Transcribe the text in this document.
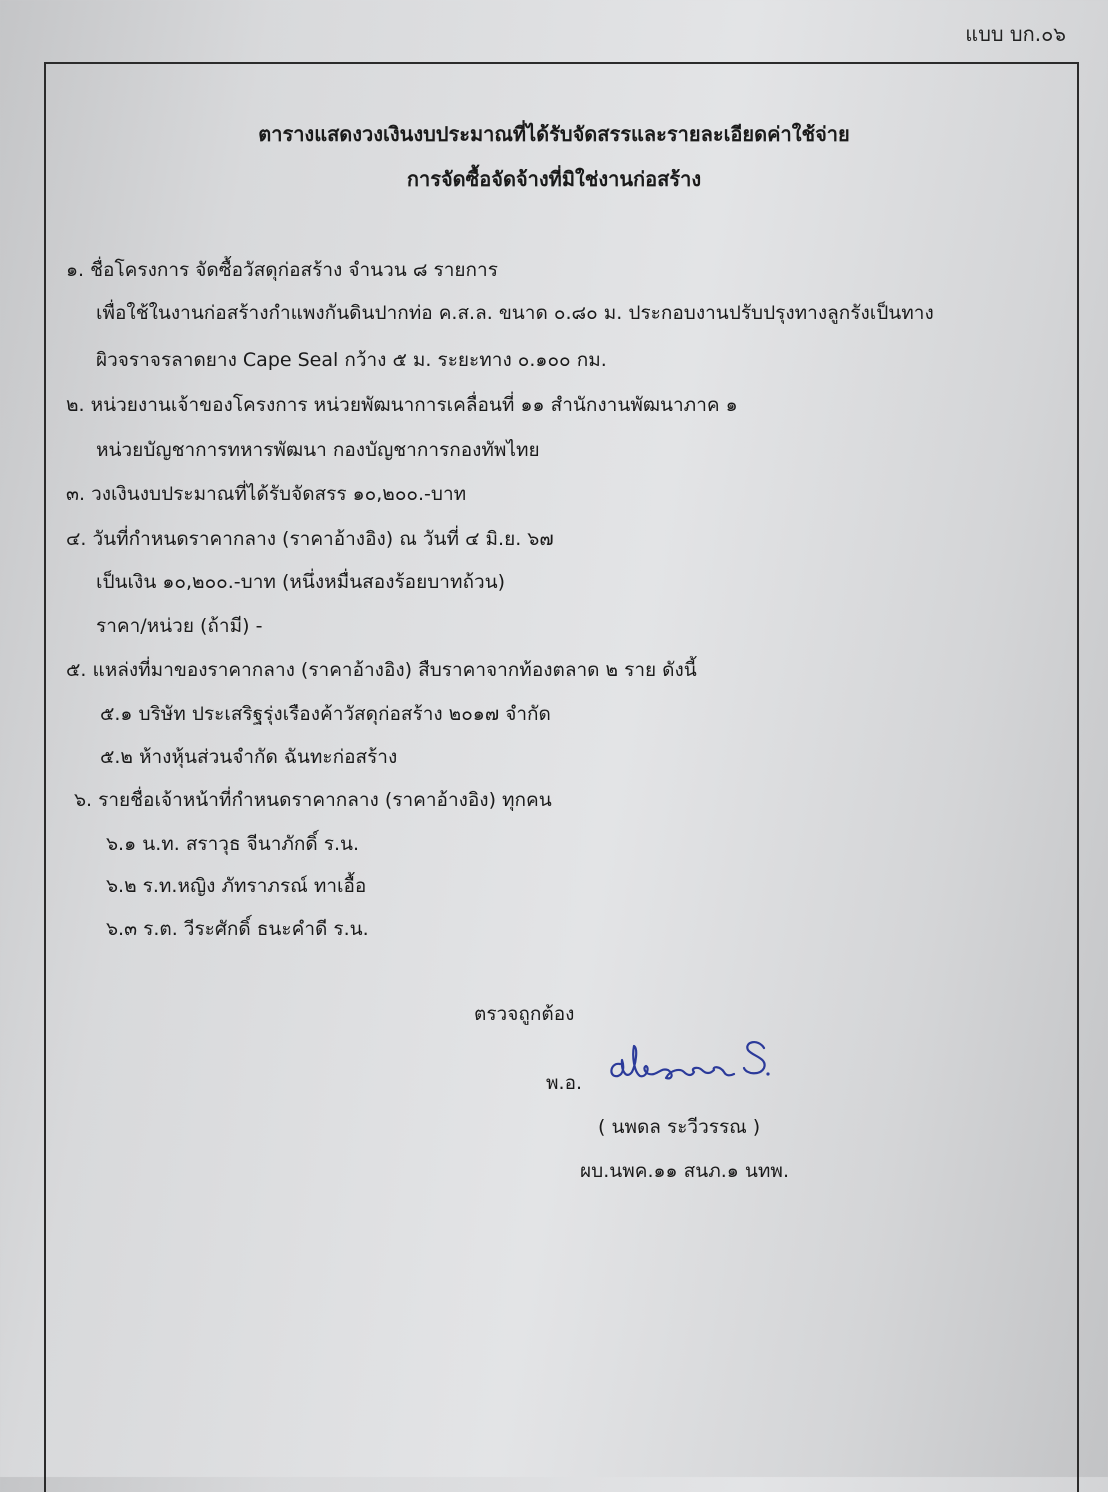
แบบ บก.๐๖
ตารางแสดงวงเงินงบประมาณที่ได้รับจัดสรรและรายละเอียดค่าใช้จ่าย
การจัดซื้อจัดจ้างที่มิใช่งานก่อสร้าง
๑. ชื่อโครงการ จัดซื้อวัสดุก่อสร้าง จำนวน ๘ รายการ
เพื่อใช้ในงานก่อสร้างกำแพงกันดินปากท่อ ค.ส.ล. ขนาด ๐.๘๐ ม. ประกอบงานปรับปรุงทางลูกรังเป็นทาง
ผิวจราจรลาดยาง Cape Seal กว้าง ๕ ม. ระยะทาง ๐.๑๐๐ กม.
๒. หน่วยงานเจ้าของโครงการ หน่วยพัฒนาการเคลื่อนที่ ๑๑ สำนักงานพัฒนาภาค ๑
หน่วยบัญชาการทหารพัฒนา กองบัญชาการกองทัพไทย
๓. วงเงินงบประมาณที่ได้รับจัดสรร ๑๐,๒๐๐.-บาท
๔. วันที่กำหนดราคากลาง (ราคาอ้างอิง) ณ วันที่ ๔ มิ.ย. ๖๗
เป็นเงิน ๑๐,๒๐๐.-บาท (หนึ่งหมื่นสองร้อยบาทถ้วน)
ราคา/หน่วย (ถ้ามี) -
๕. แหล่งที่มาของราคากลาง (ราคาอ้างอิง) สืบราคาจากท้องตลาด ๒ ราย ดังนี้
๕.๑ บริษัท ประเสริฐรุ่งเรืองค้าวัสดุก่อสร้าง ๒๐๑๗ จำกัด
๕.๒ ห้างหุ้นส่วนจำกัด ฉันทะก่อสร้าง
๖. รายชื่อเจ้าหน้าที่กำหนดราคากลาง (ราคาอ้างอิง) ทุกคน
๖.๑ น.ท. สราวุธ จีนาภักดิ์ ร.น.
๖.๒ ร.ท.หญิง ภัทราภรณ์ ทาเอื้อ
๖.๓ ร.ต. วีระศักดิ์ ธนะคำดี ร.น.
ตรวจถูกต้อง
พ.อ.
( นพดล ระวีวรรณ )
ผบ.นพค.๑๑ สนภ.๑ นทพ.
